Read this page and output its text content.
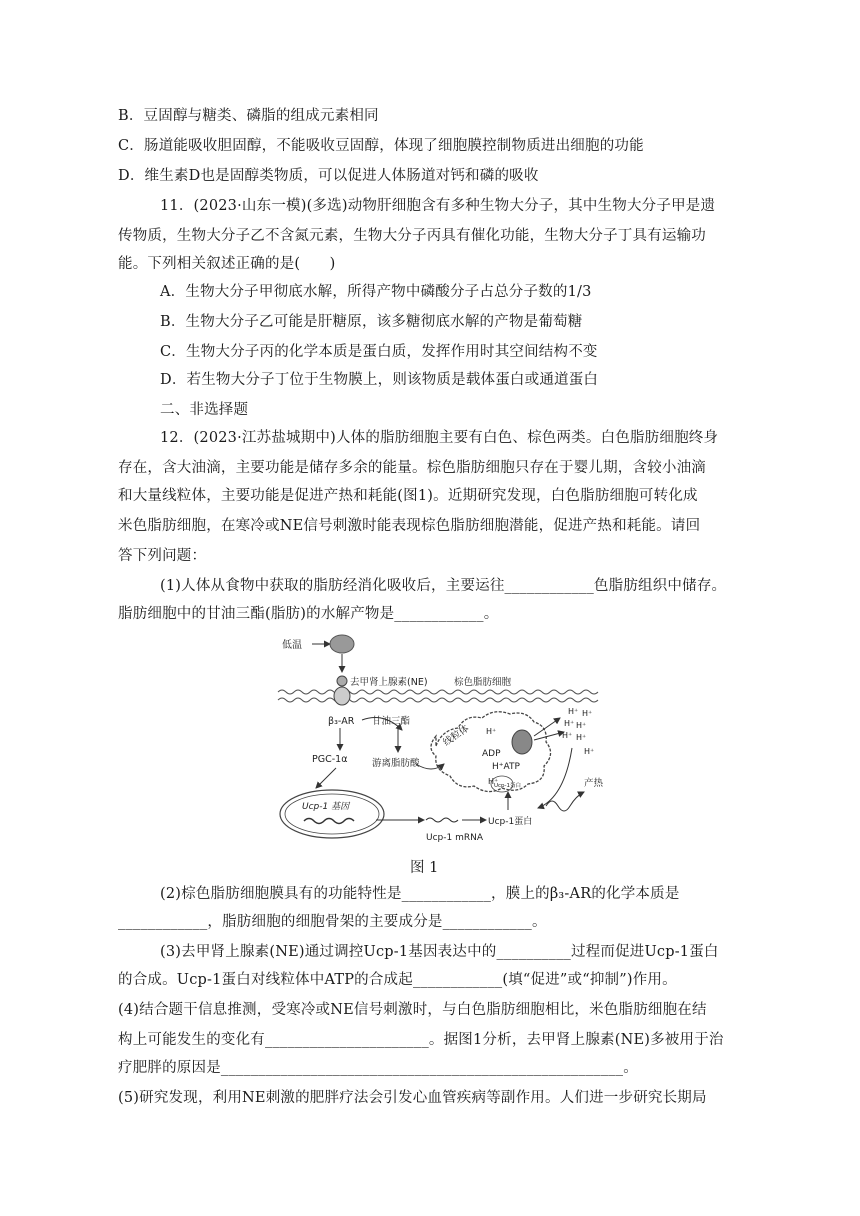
B．豆固醇与糖类、磷脂的组成元素相同
C．肠道能吸收胆固醇，不能吸收豆固醇，体现了细胞膜控制物质进出细胞的功能
D．维生素D也是固醇类物质，可以促进人体肠道对钙和磷的吸收
11．(2023·山东一模)(多选)动物肝细胞含有多种生物大分子，其中生物大分子甲是遗
传物质，生物大分子乙不含氮元素，生物大分子丙具有催化功能，生物大分子丁具有运输功
能。下列相关叙述正确的是(　　)
A．生物大分子甲彻底水解，所得产物中磷酸分子占总分子数的1/3
B．生物大分子乙可能是肝糖原，该多糖彻底水解的产物是葡萄糖
C．生物大分子丙的化学本质是蛋白质，发挥作用时其空间结构不变
D．若生物大分子丁位于生物膜上，则该物质是载体蛋白或通道蛋白
二、非选择题
12．(2023·江苏盐城期中)人体的脂肪细胞主要有白色、棕色两类。白色脂肪细胞终身
存在，含大油滴，主要功能是储存多余的能量。棕色脂肪细胞只存在于婴儿期，含较小油滴
和大量线粒体，主要功能是促进产热和耗能(图1)。近期研究发现，白色脂肪细胞可转化成
米色脂肪细胞，在寒冷或NE信号刺激时能表现棕色脂肪细胞潜能，促进产热和耗能。请回
答下列问题：
(1)人体从食物中获取的脂肪经消化吸收后，主要运往____________色脂肪组织中储存。
脂肪细胞中的甘油三酯(脂肪)的水解产物是____________。
低温
去甲肾上腺素(NE)	棕色脂肪细胞
β₃-AR 甘油三酯
游离脂肪酸
PGC-1α
Ucp-1 基因
Ucp-1 mRNA
Ucp-1蛋白
线粒体
ADP
H⁺ATP
H⁺
H⁺
Ucp-1蛋白
H⁺ H⁺
H⁺ H⁺
H⁺ H⁺
H⁺
产热
图 1
(2)棕色脂肪细胞膜具有的功能特性是____________，膜上的β₃-AR的化学本质是
____________，脂肪细胞的细胞骨架的主要成分是____________。
(3)去甲肾上腺素(NE)通过调控Ucp-1基因表达中的__________过程而促进Ucp-1蛋白
的合成。Ucp-1蛋白对线粒体中ATP的合成起____________(填“促进”或“抑制”)作用。
(4)结合题干信息推测，受寒冷或NE信号刺激时，与白色脂肪细胞相比，米色脂肪细胞在结
构上可能发生的变化有______________________。据图1分析，去甲肾上腺素(NE)多被用于治
疗肥胖的原因是______________________________________________________。
(5)研究发现，利用NE刺激的肥胖疗法会引发心血管疾病等副作用。人们进一步研究长期局
